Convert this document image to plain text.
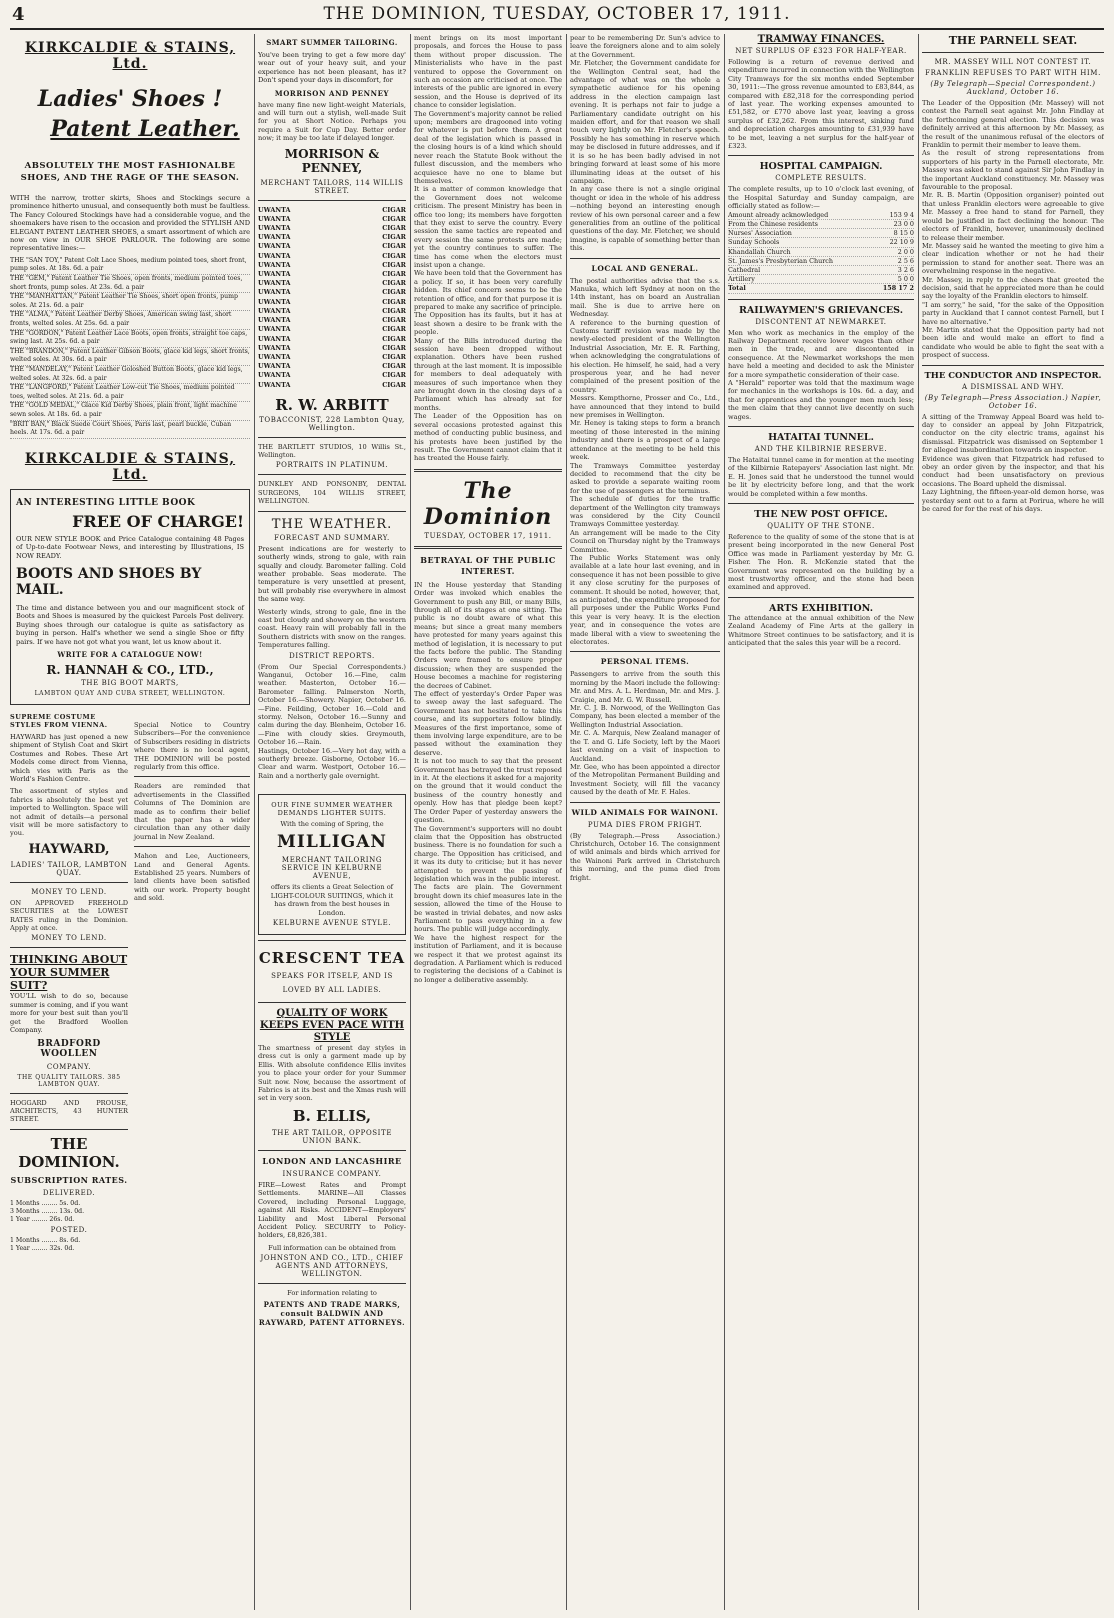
4	THE DOMINION, TUESDAY, OCTOBER 17, 1911.
KIRKCALDIE & STAINS, Ltd.
Ladies' Shoes !
Patent Leather.
ABSOLUTELY THE MOST FASHIONALBE SHOES, AND THE RAGE OF THE SEASON.

WITH the narrow, trotter skirts, Shoes and Stockings secure a prominence hitherto unusual, and consequently both must be faultless. The Fancy Coloured Stockings have had a considerable vogue, and the shoemakers have risen to the occasion and provided the STYLISH AND ELEGANT PATENT LEATHER SHOES, a smart assortment of which are now on view in OUR SHOE PARLOUR. The following are some representative lines:—

THE "SAN TOY," Patent Colt Lace Shoes, medium pointed toes, short front, pump soles. At 18s. 6d. a pair
THE "GEM," Patent Leather Tie Shoes, open fronts, medium pointed toes, short fronts, pump soles. At 23s. 6d. a pair
THE "MANHATTAN," Patent Leather Tie Shoes, short open fronts, pump soles. At 21s. 6d. a pair
THE "ALMA," Patent Leather Derby Shoes, American swing last, short fronts, welted soles. At 25s. 6d. a pair
THE "GORDON," Patent Leather Lace Boots, open fronts, straight toe caps, swing last. At 25s. 6d. a pair
THE "BRANDON," Patent Leather Gibson Boots, glace kid legs, short fronts, welted soles. At 30s. 6d. a pair
THE "MANDELAY," Patent Leather Goloshed Button Boots, glace kid legs, welted soles. At 32s. 6d. a pair
THE "LANGFORD," Patent Leather Low-cut Tie Shoes, medium pointed toes, welted soles. At 21s. 6d. a pair
THE "GOLD MEDAL," Glace Kid Derby Shoes, plain front, light machine sewn soles. At 18s. 6d. a pair
"BRIT BAN," Black Suede Court Shoes, Paris last, pearl buckle, Cuban heels. At 17s. 6d. a pair
KIRKCALDIE & STAINS, Ltd.
AN INTERESTING LITTLE BOOK
FREE OF CHARGE!

OUR NEW STYLE BOOK and Price Catalogue containing 48 Pages of Up-to-date Footwear News, and interesting by Illustrations, IS NOW READY.

BOOTS AND SHOES BY MAIL.

The time and distance between you and our magnificent stock of Boots and Shoes is measured by the quickest Parcels Post delivery. Buying shoes through our catalogue is quite as satisfactory as buying in person. Half's whether we send a single Shoe or fifty pairs. If we have not got what you want, let us know about it.

WRITE FOR A CATALOGUE NOW!
R. HANNAH & CO., LTD.,
THE BIG BOOT MARTS,
LAMBTON QUAY AND CUBA STREET, WELLINGTON.
SUPREME COSTUME STYLES FROM VIENNA.

HAYWARD has just opened a new shipment of Stylish Coat and Skirt Costumes and Robes. These Art Models come direct from Vienna, which vies with Paris as the World's Fashion Centre.

The assortment of styles and fabrics is absolutely the best yet imported to Wellington. Space will not admit of details—a personal visit will be more satisfactory to you.
HAYWARD,
LADIES' TAILOR, LAMBTON QUAY.
MONEY TO LEND.
ON APPROVED FREEHOLD SECURITIES at the LOWEST RATES ruling in the Dominion. Apply at once.
MONEY TO LEND.
THINKING ABOUT YOUR SUMMER SUIT?

YOU'LL wish to do so, because summer is coming, and if you want more for your best suit than you'll get the Bradford Woollen Company.

BRADFORD WOOLLEN
COMPANY.
THE QUALITY TAILORS. 385 LAMBTON QUAY.
HOGGARD AND PROUSE, ARCHITECTS, 43 HUNTER STREET.
THE DOMINION.
SUBSCRIPTION RATES.
DELIVERED.
1 Months ........ 5s. 0d.
3 Months ........ 13s. 0d.
1 Year ........ 26s. 0d.
POSTED.
1 Months ........ 8s. 6d.
1 Year ........ 32s. 0d.
Special Notice to Country Subscribers—For the convenience of Subscribers residing in districts where there is no local agent, THE DOMINION will be posted regularly from this office.
Readers are reminded that advertisements in the Classified Columns of The Dominion are made as to confirm their belief that the paper has a wider circulation than any other daily journal in New Zealand.
Mahon and Lee, Auctioneers, Land and General Agents. Established 25 years. Numbers of land clients have been satisfied with our work. Property bought and sold.
SMART SUMMER TAILORING.

You've been trying to get a few more day' wear out of your heavy suit, and your experience has not been pleasant, has it? Don't spend your days in discomfort, for

MORRISON AND PENNEY
have many fine new light-weight Materials, and will turn out a stylish, well-made Suit for you at Short Notice. Perhaps you require a Suit for Cup Day. Better order now; it may be too late if delayed longer.
MORRISON & PENNEY,
MERCHANT TAILORS, 114 WILLIS STREET.
UWANTA	CIGAR
UWANTA	CIGAR
UWANTA	CIGAR
UWANTA	CIGAR
UWANTA	CIGAR
UWANTA	CIGAR
UWANTA	CIGAR
UWANTA	CIGAR
UWANTA	CIGAR
UWANTA	CIGAR
UWANTA	CIGAR
UWANTA	CIGAR
UWANTA	CIGAR
UWANTA	CIGAR
UWANTA	CIGAR
UWANTA	CIGAR
UWANTA	CIGAR
UWANTA	CIGAR
UWANTA	CIGAR
UWANTA	CIGAR
R. W. ARBITT
TOBACCONIST, 228 Lambton Quay, Wellington.
THE BARTLETT STUDIOS, 10 Willis St., Wellington.
PORTRAITS IN PLATINUM.
DUNKLEY AND PONSONBY, DENTAL SURGEONS, 104 WILLIS STREET, WELLINGTON.
THE WEATHER.
FORECAST AND SUMMARY.

Present indications are for westerly to southerly winds, strong to gale, with rain squally and cloudy. Barometer falling. Cold weather probable. Seas moderate. The temperature is very unsettled at present, but will probably rise everywhere in almost the same way.

Westerly winds, strong to gale, fine in the east but cloudy and showery on the western coast. Heavy rain will probably fall in the Southern districts with snow on the ranges. Temperatures falling.
DISTRICT REPORTS.
(From Our Special Correspondents.) Wanganui, October 16.—Fine, calm weather. Masterton, October 16.—Barometer falling. Palmerston North, October 16.—Showery. Napier, October 16.—Fine. Feilding, October 16.—Cold and stormy. Nelson, October 16.—Sunny and calm during the day. Blenheim, October 16.—Fine with cloudy skies. Greymouth, October 16.—Rain.
Hastings, October 16.—Very hot day, with a southerly breeze. Gisborne, October 16.—Clear and warm. Westport, October 16.—Rain and a northerly gale overnight.
ment brings on its most important proposals, and forces the House to pass them without proper discussion. The Ministerialists who have in the past ventured to oppose the Government on such an occasion are criticised at once. The interests of the public are ignored in every session, and the House is deprived of its chance to consider legislation.
The Government's majority cannot be relied upon; members are dragooned into voting for whatever is put before them. A great deal of the legislation which is passed in the closing hours is of a kind which should never reach the Statute Book without the fullest discussion, and the members who acquiesce have no one to blame but themselves.
It is a matter of common knowledge that the Government does not welcome criticism. The present Ministry has been in office too long; its members have forgotten that they exist to serve the country. Every session the same tactics are repeated and every session the same protests are made; yet the country continues to suffer. The time has come when the electors must insist upon a change.
We have been told that the Government has a policy. If so, it has been very carefully hidden. Its chief concern seems to be the retention of office, and for that purpose it is prepared to make any sacrifice of principle. The Opposition has its faults, but it has at least shown a desire to be frank with the people.
Many of the Bills introduced during the session have been dropped without explanation. Others have been rushed through at the last moment. It is impossible for members to deal adequately with measures of such importance when they are brought down in the closing days of a Parliament which has already sat for months.
The Leader of the Opposition has on several occasions protested against this method of conducting public business, and his protests have been justified by the result. The Government cannot claim that it has treated the House fairly.
The Dominion
TUESDAY, OCTOBER 17, 1911.
BETRAYAL OF THE PUBLIC INTEREST.
IN the House yesterday that Standing Order was invoked which enables the Government to push any Bill, or many Bills, through all of its stages at one sitting. The public is no doubt aware of what this means; but since a great many members have protested for many years against this method of legislation, it is necessary to put the facts before the public. The Standing Orders were framed to ensure proper discussion; when they are suspended the House becomes a machine for registering the decrees of Cabinet.
The effect of yesterday's Order Paper was to sweep away the last safeguard. The Government has not hesitated to take this course, and its supporters follow blindly. Measures of the first importance, some of them involving large expenditure, are to be passed without the examination they deserve.
It is not too much to say that the present Government has betrayed the trust reposed in it. At the elections it asked for a majority on the ground that it would conduct the business of the country honestly and openly. How has that pledge been kept? The Order Paper of yesterday answers the question.
The Government's supporters will no doubt claim that the Opposition has obstructed business. There is no foundation for such a charge. The Opposition has criticised, and it was its duty to criticise; but it has never attempted to prevent the passing of legislation which was in the public interest.
The facts are plain. The Government brought down its chief measures late in the session, allowed the time of the House to be wasted in trivial debates, and now asks Parliament to pass everything in a few hours. The public will judge accordingly.
We have the highest respect for the institution of Parliament, and it is because we respect it that we protest against its degradation. A Parliament which is reduced to registering the decisions of a Cabinet is no longer a deliberative assembly.
pear to be remembering Dr. Sun's advice to leave the foreigners alone and to aim solely at the Government.
Mr. Fletcher, the Government candidate for the Wellington Central seat, had the advantage of what was on the whole a sympathetic audience for his opening address in the election campaign last evening. It is perhaps not fair to judge a Parliamentary candidate outright on his maiden effort, and for that reason we shall touch very lightly on Mr. Fletcher's speech. Possibly he has something in reserve which may be disclosed in future addresses, and if it is so he has been badly advised in not bringing forward at least some of his more illuminating ideas at the outset of his campaign.
In any case there is not a single original thought or idea in the whole of his address—nothing beyond an interesting enough review of his own personal career and a few generalities from an outline of the political questions of the day. Mr. Fletcher, we should imagine, is capable of something better than this.
LOCAL AND GENERAL.
The postal authorities advise that the s.s. Manuka, which left Sydney at noon on the 14th instant, has on board an Australian mail. She is due to arrive here on Wednesday.
A reference to the burning question of Customs tariff revision was made by the newly-elected president of the Wellington Industrial Association, Mr. E. R. Farthing, when acknowledging the congratulations of his election. He himself, he said, had a very prosperous year, and he had never complained of the present position of the country.
Messrs. Kempthorne, Prosser and Co., Ltd., have announced that they intend to build new premises in Wellington.
Mr. Heney is taking steps to form a branch meeting of those interested in the mining industry and there is a prospect of a large attendance at the meeting to be held this week.
The Tramways Committee yesterday decided to recommend that the city be asked to provide a separate waiting room for the use of passengers at the terminus.
The schedule of duties for the traffic department of the Wellington city tramways was considered by the City Council Tramways Committee yesterday.
An arrangement will be made to the City Council on Thursday night by the Tramways Committee.
The Public Works Statement was only available at a late hour last evening, and in consequence it has not been possible to give it any close scrutiny for the purposes of comment. It should be noted, however, that, as anticipated, the expenditure proposed for all purposes under the Public Works Fund this year is very heavy. It is the election year, and in consequence the votes are made liberal with a view to sweetening the electorates.
PERSONAL ITEMS.
Passengers to arrive from the south this morning by the Maori include the following: Mr. and Mrs. A. L. Herdman, Mr. and Mrs. J. Craigie, and Mr. G. W. Russell.
Mr. C. J. B. Norwood, of the Wellington Gas Company, has been elected a member of the Wellington Industrial Association.
Mr. C. A. Marquis, New Zealand manager of the T. and G. Life Society, left by the Maori last evening on a visit of inspection to Auckland.
Mr. Gee, who has been appointed a director of the Metropolitan Permanent Building and Investment Society, will fill the vacancy caused by the death of Mr. F. Hales.
WILD ANIMALS FOR WAINONI.
PUMA DIES FROM FRIGHT.
(By Telegraph.—Press Association.) Christchurch, October 16. The consignment of wild animals and birds which arrived for the Wainoni Park arrived in Christchurch this morning, and the puma died from fright.
TRAMWAY FINANCES.
NET SURPLUS OF £323 FOR HALF-YEAR.
Following is a return of revenue derived and expenditure incurred in connection with the Wellington City Tramways for the six months ended September 30, 1911:—The gross revenue amounted to £83,844, as compared with £82,318 for the corresponding period of last year. The working expenses amounted to £51,582, or £770 above last year, leaving a gross surplus of £32,262. From this interest, sinking fund and depreciation charges amounting to £31,939 have to be met, leaving a net surplus for the half-year of £323.
HOSPITAL CAMPAIGN.
COMPLETE RESULTS.
The complete results, up to 10 o'clock last evening, of the Hospital Saturday and Sunday campaign, are officially stated as follow:—
Amount already acknowledged	153 9 4
From the Chinese residents	23 0 0
Nurses' Association	8 15 0
Sunday Schools	22 10 9
Khandallah Church	2 0 0
St. James's Presbyterian Church	2 5 6
Cathedral	3 2 6
Artillery	5 0 0
Total	158 17 2
RAILWAYMEN'S GRIEVANCES.
DISCONTENT AT NEWMARKET.
Men who work as mechanics in the employ of the Railway Department receive lower wages than other men in the trade, and are discontented in consequence. At the Newmarket workshops the men have held a meeting and decided to ask the Minister for a more sympathetic consideration of their case.
A "Herald" reporter was told that the maximum wage for mechanics in the workshops is 10s. 6d. a day, and that for apprentices and the younger men much less; the men claim that they cannot live decently on such wages.
HATAITAI TUNNEL.
AND THE KILBIRNIE RESERVE.
The Hataitai tunnel came in for mention at the meeting of the Kilbirnie Ratepayers' Association last night. Mr. E. H. Jones said that he understood the tunnel would be lit by electricity before long, and that the work would be completed within a few months.
THE NEW POST OFFICE.
QUALITY OF THE STONE.
Reference to the quality of some of the stone that is at present being incorporated in the new General Post Office was made in Parliament yesterday by Mr. G. Fisher. The Hon. R. McKenzie stated that the Government was represented on the building by a most trustworthy officer, and the stone had been examined and approved.
ARTS EXHIBITION.
The attendance at the annual exhibition of the New Zealand Academy of Fine Arts at the gallery in Whitmore Street continues to be satisfactory, and it is anticipated that the sales this year will be a record.
THE PARNELL SEAT.
MR. MASSEY WILL NOT CONTEST IT.
FRANKLIN REFUSES TO PART WITH HIM.
(By Telegraph—Special Correspondent.) Auckland, October 16.
The Leader of the Opposition (Mr. Massey) will not contest the Parnell seat against Mr. John Findlay at the forthcoming general election. This decision was definitely arrived at this afternoon by Mr. Massey, as the result of the unanimous refusal of the electors of Franklin to permit their member to leave them.
As the result of strong representations from supporters of his party in the Parnell electorate, Mr. Massey was asked to stand against Sir John Findlay in the important Auckland constituency. Mr. Massey was favourable to the proposal.
Mr. R. B. Martin (Opposition organiser) pointed out that unless Franklin electors were agreeable to give Mr. Massey a free hand to stand for Parnell, they would be justified in fact declining the honour. The electors of Franklin, however, unanimously declined to release their member.
Mr. Massey said he wanted the meeting to give him a clear indication whether or not he had their permission to stand for another seat. There was an overwhelming response in the negative.
Mr. Massey, in reply to the cheers that greeted the decision, said that he appreciated more than he could say the loyalty of the Franklin electors to himself.
"I am sorry," he said, "for the sake of the Opposition party in Auckland that I cannot contest Parnell, but I have no alternative."
Mr. Martin stated that the Opposition party had not been idle and would make an effort to find a candidate who would be able to fight the seat with a prospect of success.
THE CONDUCTOR AND INSPECTOR.
A DISMISSAL AND WHY.
(By Telegraph—Press Association.) Napier, October 16.
A sitting of the Tramway Appeal Board was held to-day to consider an appeal by John Fitzpatrick, conductor on the city electric trams, against his dismissal. Fitzpatrick was dismissed on September 1 for alleged insubordination towards an inspector.
Evidence was given that Fitzpatrick had refused to obey an order given by the inspector, and that his conduct had been unsatisfactory on previous occasions. The Board upheld the dismissal.
Lazy Lightning, the fifteen-year-old demon horse, was yesterday sent out to a farm at Porirua, where he will be cared for for the rest of his days.
OUR FINE SUMMER WEATHER DEMANDS LIGHTER SUITS.
With the coming of Spring, the
MILLIGAN
MERCHANT TAILORING SERVICE IN KELBURNE AVENUE,
offers its clients a Great Selection of LIGHT-COLOUR SUITINGS, which it has drawn from the best houses in London.
KELBURNE AVENUE STYLE.
CRESCENT TEA
SPEAKS FOR ITSELF, AND IS LOVED BY ALL LADIES.
QUALITY OF WORK KEEPS EVEN PACE WITH STYLE
The smartness of present day styles in dress cut is only a garment made up by Ellis. With absolute confidence Ellis invites you to place your order for your Summer Suit now. Now, because the assortment of Fabrics is at its best and the Xmas rush will set in very soon.
B. ELLIS,
THE ART TAILOR, OPPOSITE UNION BANK.
LONDON AND LANCASHIRE
INSURANCE COMPANY.

FIRE—Lowest Rates and Prompt Settlements. MARINE—All Classes Covered, including Personal Luggage, against All Risks. ACCIDENT—Employers' Liability and Most Liberal Personal Accident Policy. SECURITY to Policy-holders, £8,826,381.

Full information can be obtained from
JOHNSTON AND CO., LTD., CHIEF AGENTS AND ATTORNEYS, WELLINGTON.
For information relating to
PATENTS AND TRADE MARKS, consult BALDWIN AND RAYWARD, PATENT ATTORNEYS.
